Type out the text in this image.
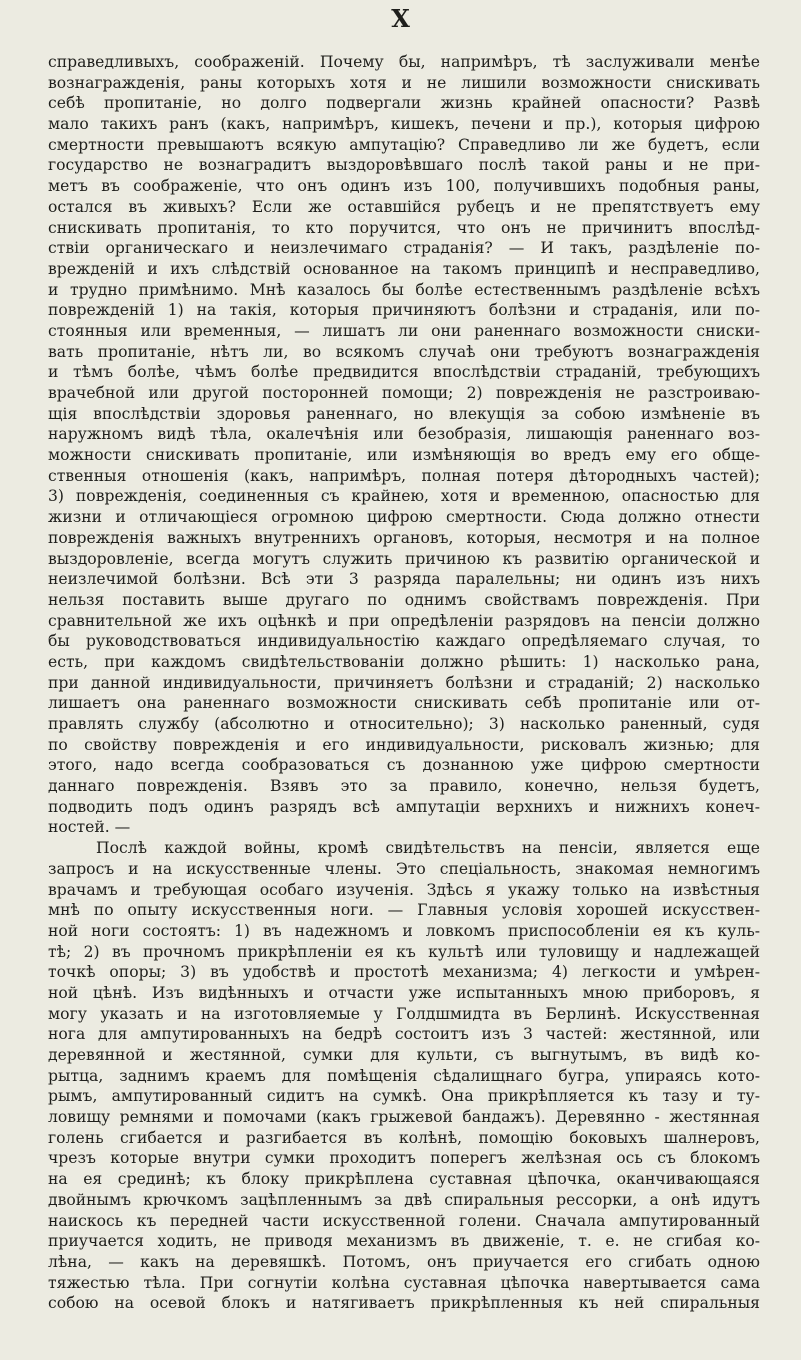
X
справедливыхъ, соображеній. Почему бы, напримѣръ, тѣ заслуживали менѣе
вознагражденія, раны которыхъ хотя и не лишили возможности снискивать
себѣ пропитаніе, но долго подвергали жизнь крайней опасности? Развѣ
мало такихъ ранъ (какъ, напримѣръ, кишекъ, печени и пр.), которыя цифрою
смертности превышаютъ всякую ампутацію? Справедливо ли же будетъ, если
государство не вознаградитъ выздоровѣвшаго послѣ такой раны и не при-
метъ въ соображеніе, что онъ одинъ изъ 100, получившихъ подобныя раны,
остался въ живыхъ? Если же оставшійся рубецъ и не препятствуетъ ему
снискивать пропитанія, то кто поручится, что онъ не причинитъ впослѣд-
ствіи органическаго и неизлечимаго страданія? — И такъ, раздѣленіе по-
врежденій и ихъ слѣдствій основанное на такомъ принципѣ и несправедливо,
и трудно примѣнимо. Мнѣ казалось бы болѣе естественнымъ раздѣленіе всѣхъ
поврежденій 1) на такія, которыя причиняютъ болѣзни и страданія, или по-
стоянныя или временныя, — лишатъ ли они раненнаго возможности сниски-
вать пропитаніе, нѣтъ ли, во всякомъ случаѣ они требуютъ вознагражденія
и тѣмъ болѣе, чѣмъ болѣе предвидится впослѣдствіи страданій, требующихъ
врачебной или другой посторонней помощи; 2) поврежденія не разстроиваю-
щія впослѣдствіи здоровья раненнаго, но влекущія за собою измѣненіе въ
наружномъ видѣ тѣла, окалечѣнія или безобразія, лишающія раненнаго воз-
можности снискивать пропитаніе, или измѣняющія во вредъ ему его обще-
ственныя отношенія (какъ, напримѣръ, полная потеря дѣтородныхъ частей);
3) поврежденія, соединенныя съ крайнею, хотя и временною, опасностью для
жизни и отличающіеся огромною цифрою смертности. Сюда должно отнести
поврежденія важныхъ внутреннихъ органовъ, которыя, несмотря и на полное
выздоровленіе, всегда могутъ служить причиною къ развитію органической и
неизлечимой болѣзни. Всѣ эти 3 разряда паралельны; ни одинъ изъ нихъ
нельзя поставить выше другаго по однимъ свойствамъ поврежденія. При
сравнительной же ихъ оцѣнкѣ и при опредѣленіи разрядовъ на пенсіи должно
бы руководствоваться индивидуальностію каждаго опредѣляемаго случая, то
есть, при каждомъ свидѣтельствованіи должно рѣшить: 1) насколько рана,
при данной индивидуальности, причиняетъ болѣзни и страданій; 2) насколько
лишаетъ она раненнаго возможности снискивать себѣ пропитаніе или от-
правлять службу (абсолютно и относительно); 3) насколько раненный, судя
по свойству поврежденія и его индивидуальности, рисковалъ жизнью; для
этого, надо всегда сообразоваться съ дознанною уже цифрою смертности
даннаго поврежденія. Взявъ это за правило, конечно, нельзя будетъ,
подводить подъ одинъ разрядъ всѣ ампутаціи верхнихъ и нижнихъ конеч-
ностей. —
Послѣ каждой войны, кромѣ свидѣтельствъ на пенсіи, является еще
запросъ и на искусственные члены. Это спеціальность, знакомая немногимъ
врачамъ и требующая особаго изученія. Здѣсь я укажу только на извѣстныя
мнѣ по опыту искусственныя ноги. — Главныя условія хорошей искусствен-
ной ноги состоятъ: 1) въ надежномъ и ловкомъ приспособленіи ея къ куль-
тѣ; 2) въ прочномъ прикрѣпленіи ея къ культѣ или туловищу и надлежащей
точкѣ опоры; 3) въ удобствѣ и простотѣ механизма; 4) легкости и умѣрен-
ной цѣнѣ. Изъ видѣнныхъ и отчасти уже испытанныхъ мною приборовъ, я
могу указать и на изготовляемые у Голдшмидта въ Берлинѣ. Искусственная
нога для ампутированныхъ на бедрѣ состоитъ изъ 3 частей: жестянной, или
деревянной и жестянной, сумки для культи, съ выгнутымъ, въ видѣ ко-
рытца, заднимъ краемъ для помѣщенія сѣдалищнаго бугра, упираясь кото-
рымъ, ампутированный сидитъ на сумкѣ. Она прикрѣпляется къ тазу и ту-
ловищу ремнями и помочами (какъ грыжевой бандажъ). Деревянно - жестянная
голень сгибается и разгибается въ колѣнѣ, помощію боковыхъ шалнеровъ,
чрезъ которые внутри сумки проходитъ поперегъ желѣзная ось съ блокомъ
на ея срединѣ; къ блоку прикрѣплена суставная цѣпочка, оканчивающаяся
двойнымъ крючкомъ зацѣпленнымъ за двѣ спиральныя рессорки, а онѣ идутъ
наискось къ передней части искусственной голени. Сначала ампутированный
приучается ходить, не приводя механизмъ въ движеніе, т. е. не сгибая ко-
лѣна, — какъ на деревяшкѣ. Потомъ, онъ приучается его сгибать одною
тяжестью тѣла. При согнутіи колѣна суставная цѣпочка навертывается сама
собою на осевой блокъ и натягиваетъ прикрѣпленныя къ ней спиральныя
